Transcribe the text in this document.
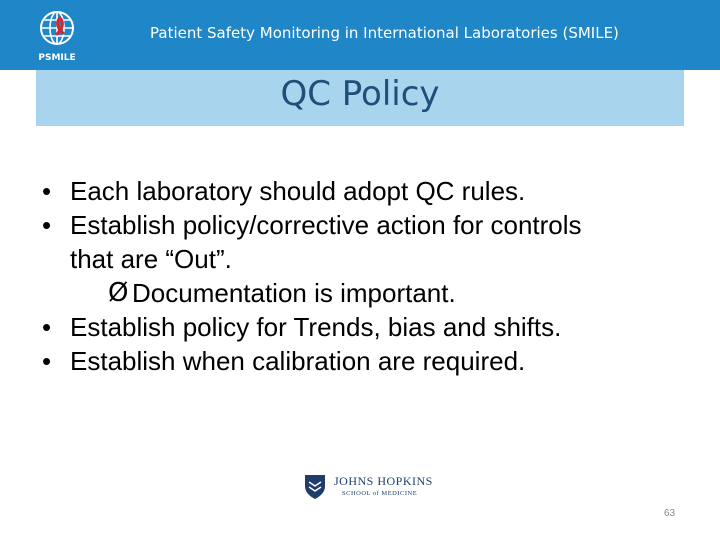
PSMILE
Patient Safety Monitoring in International Laboratories (SMILE)
QC Policy
• Each laboratory should adopt QC rules.
• Establish policy/corrective action for controls that are “Out”.
Ø Documentation is important.
• Establish policy for Trends, bias and shifts.
• Establish when calibration are required.
JOHNS HOPKINS
SCHOOL of MEDICINE
63
